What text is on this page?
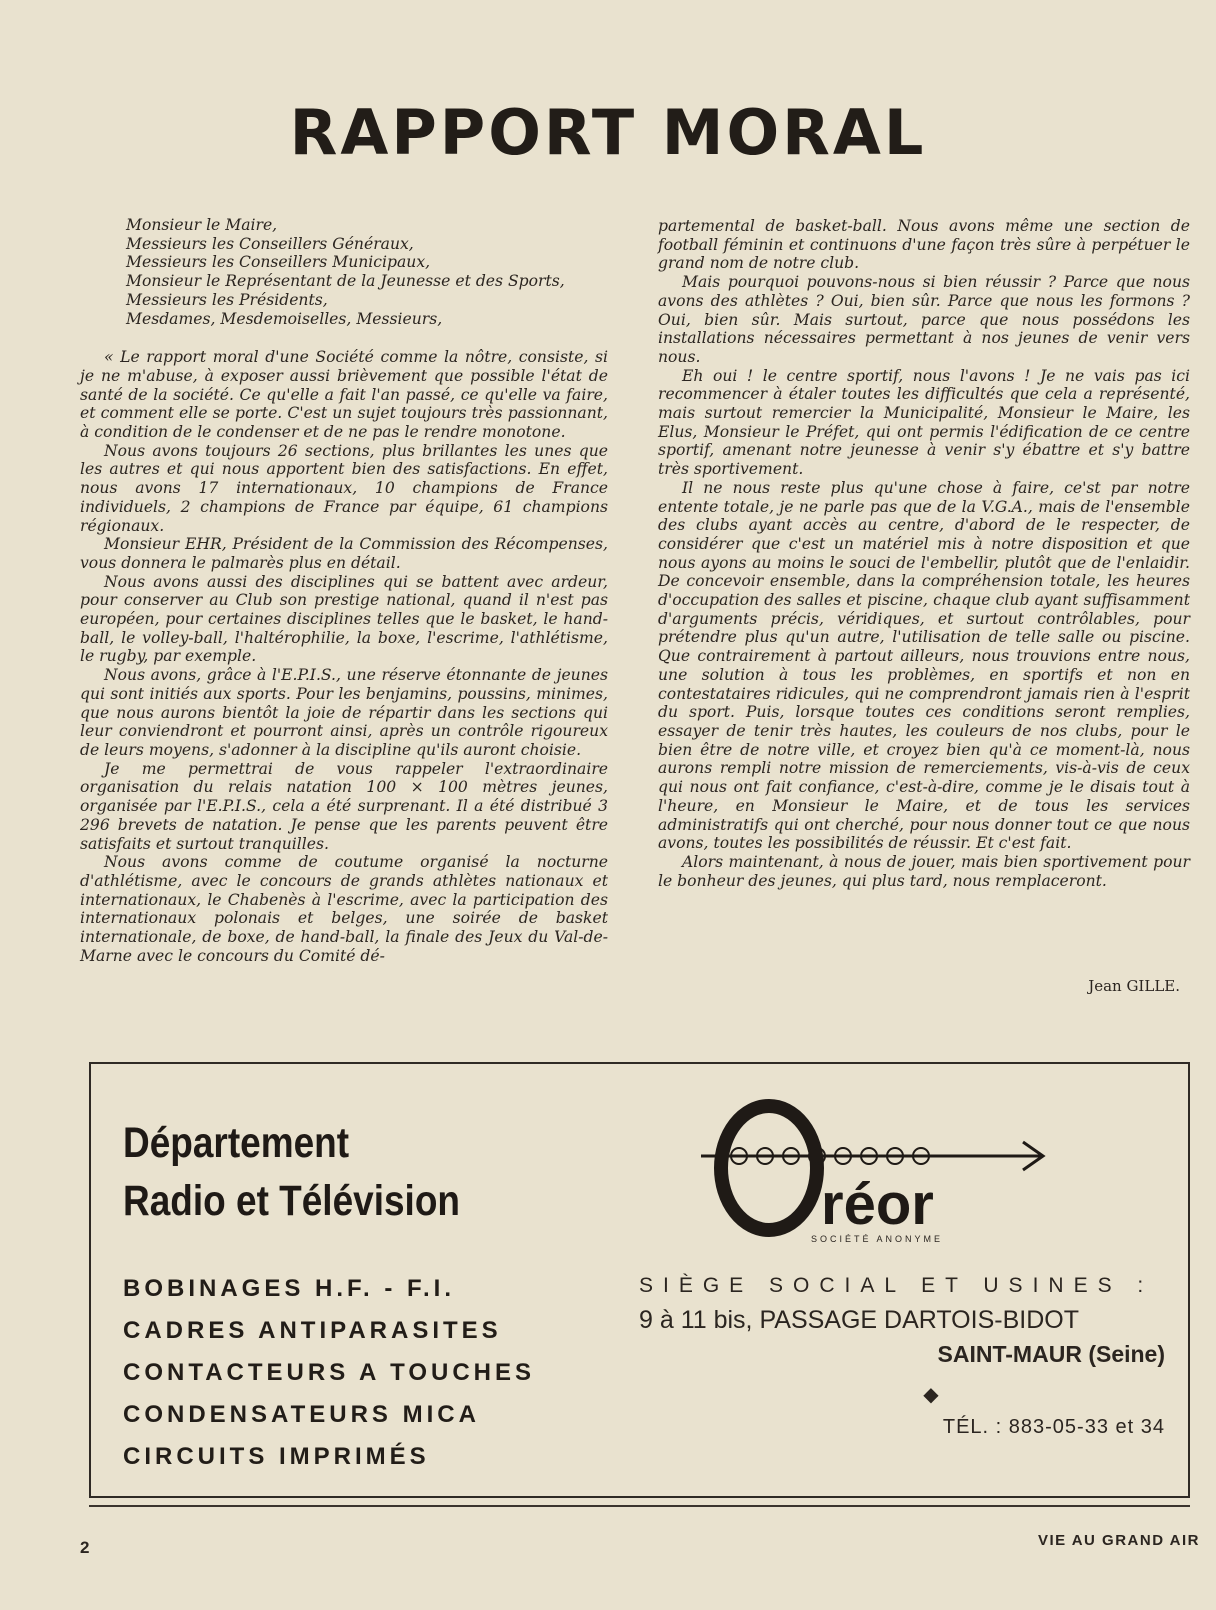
RAPPORT MORAL
Monsieur le Maire,
Messieurs les Conseillers Généraux,
Messieurs les Conseillers Municipaux,
Monsieur le Représentant de la Jeunesse et des Sports,
Messieurs les Présidents,
Mesdames, Mesdemoiselles, Messieurs,

« Le rapport moral d'une Société comme la nôtre, consiste, si je ne m'abuse, à exposer aussi brièvement que possible l'état de santé de la société. Ce qu'elle a fait l'an passé, ce qu'elle va faire, et comment elle se porte. C'est un sujet toujours très passionnant, à condition de le condenser et de ne pas le rendre monotone.

Nous avons toujours 26 sections, plus brillantes les unes que les autres et qui nous apportent bien des satisfactions. En effet, nous avons 17 internationaux, 10 champions de France individuels, 2 champions de France par équipe, 61 champions régionaux.

Monsieur EHR, Président de la Commission des Récompenses, vous donnera le palmarès plus en détail.

Nous avons aussi des disciplines qui se battent avec ardeur, pour conserver au Club son prestige national, quand il n'est pas européen, pour certaines disciplines telles que le basket, le hand-ball, le volley-ball, l'haltérophilie, la boxe, l'escrime, l'athlétisme, le rugby, par exemple.

Nous avons, grâce à l'E.P.I.S., une réserve étonnante de jeunes qui sont initiés aux sports. Pour les benjamins, poussins, minimes, que nous aurons bientôt la joie de répartir dans les sections qui leur conviendront et pourront ainsi, après un contrôle rigoureux de leurs moyens, s'adonner à la discipline qu'ils auront choisie.

Je me permettrai de vous rappeler l'extraordinaire organisation du relais natation 100 × 100 mètres jeunes, organisée par l'E.P.I.S., cela a été surprenant. Il a été distribué 3 296 brevets de natation. Je pense que les parents peuvent être satisfaits et surtout tranquilles.

Nous avons comme de coutume organisé la nocturne d'athlétisme, avec le concours de grands athlètes nationaux et internationaux, le Chabenès à l'escrime, avec la participation des internationaux polonais et belges, une soirée de basket internationale, de boxe, de hand-ball, la finale des Jeux du Val-de-Marne avec le concours du Comité dé-

partemental de basket-ball. Nous avons même une section de football féminin et continuons d'une façon très sûre à perpétuer le grand nom de notre club.

Mais pourquoi pouvons-nous si bien réussir ? Parce que nous avons des athlètes ? Oui, bien sûr. Parce que nous les formons ? Oui, bien sûr. Mais surtout, parce que nous possédons les installations nécessaires permettant à nos jeunes de venir vers nous.

Eh oui ! le centre sportif, nous l'avons ! Je ne vais pas ici recommencer à étaler toutes les difficultés que cela a représenté, mais surtout remercier la Municipalité, Monsieur le Maire, les Elus, Monsieur le Préfet, qui ont permis l'édification de ce centre sportif, amenant notre jeunesse à venir s'y ébattre et s'y battre très sportivement.

Il ne nous reste plus qu'une chose à faire, ce'st par notre entente totale, je ne parle pas que de la V.G.A., mais de l'ensemble des clubs ayant accès au centre, d'abord de le respecter, de considérer que c'est un matériel mis à notre disposition et que nous ayons au moins le souci de l'embellir, plutôt que de l'enlaidir. De concevoir ensemble, dans la compréhension totale, les heures d'occupation des salles et piscine, chaque club ayant suffisamment d'arguments précis, véridiques, et surtout contrôlables, pour prétendre plus qu'un autre, l'utilisation de telle salle ou piscine. Que contrairement à partout ailleurs, nous trouvions entre nous, une solution à tous les problèmes, en sportifs et non en contestataires ridicules, qui ne comprendront jamais rien à l'esprit du sport. Puis, lorsque toutes ces conditions seront remplies, essayer de tenir très hautes, les couleurs de nos clubs, pour le bien être de notre ville, et croyez bien qu'à ce moment-là, nous aurons rempli notre mission de remerciements, vis-à-vis de ceux qui nous ont fait confiance, c'est-à-dire, comme je le disais tout à l'heure, en Monsieur le Maire, et de tous les services administratifs qui ont cherché, pour nous donner tout ce que nous avons, toutes les possibilités de réussir. Et c'est fait.

Alors maintenant, à nous de jouer, mais bien sportivement pour le bonheur des jeunes, qui plus tard, nous remplaceront.

Jean GILLE.
Département
Radio et Télévision
BOBINAGES H.F. - F.I.
CADRES ANTIPARASITES
CONTACTEURS A TOUCHES
CONDENSATEURS MICA
CIRCUITS IMPRIMÉS
réor
SOCIÉTÉ ANONYME
SIÈGE SOCIAL ET USINES :
9 à 11 bis, PASSAGE DARTOIS-BIDOT
SAINT-MAUR (Seine)
◆
TÉL. : 883-05-33 et 34
2	VIE AU GRAND AIR
